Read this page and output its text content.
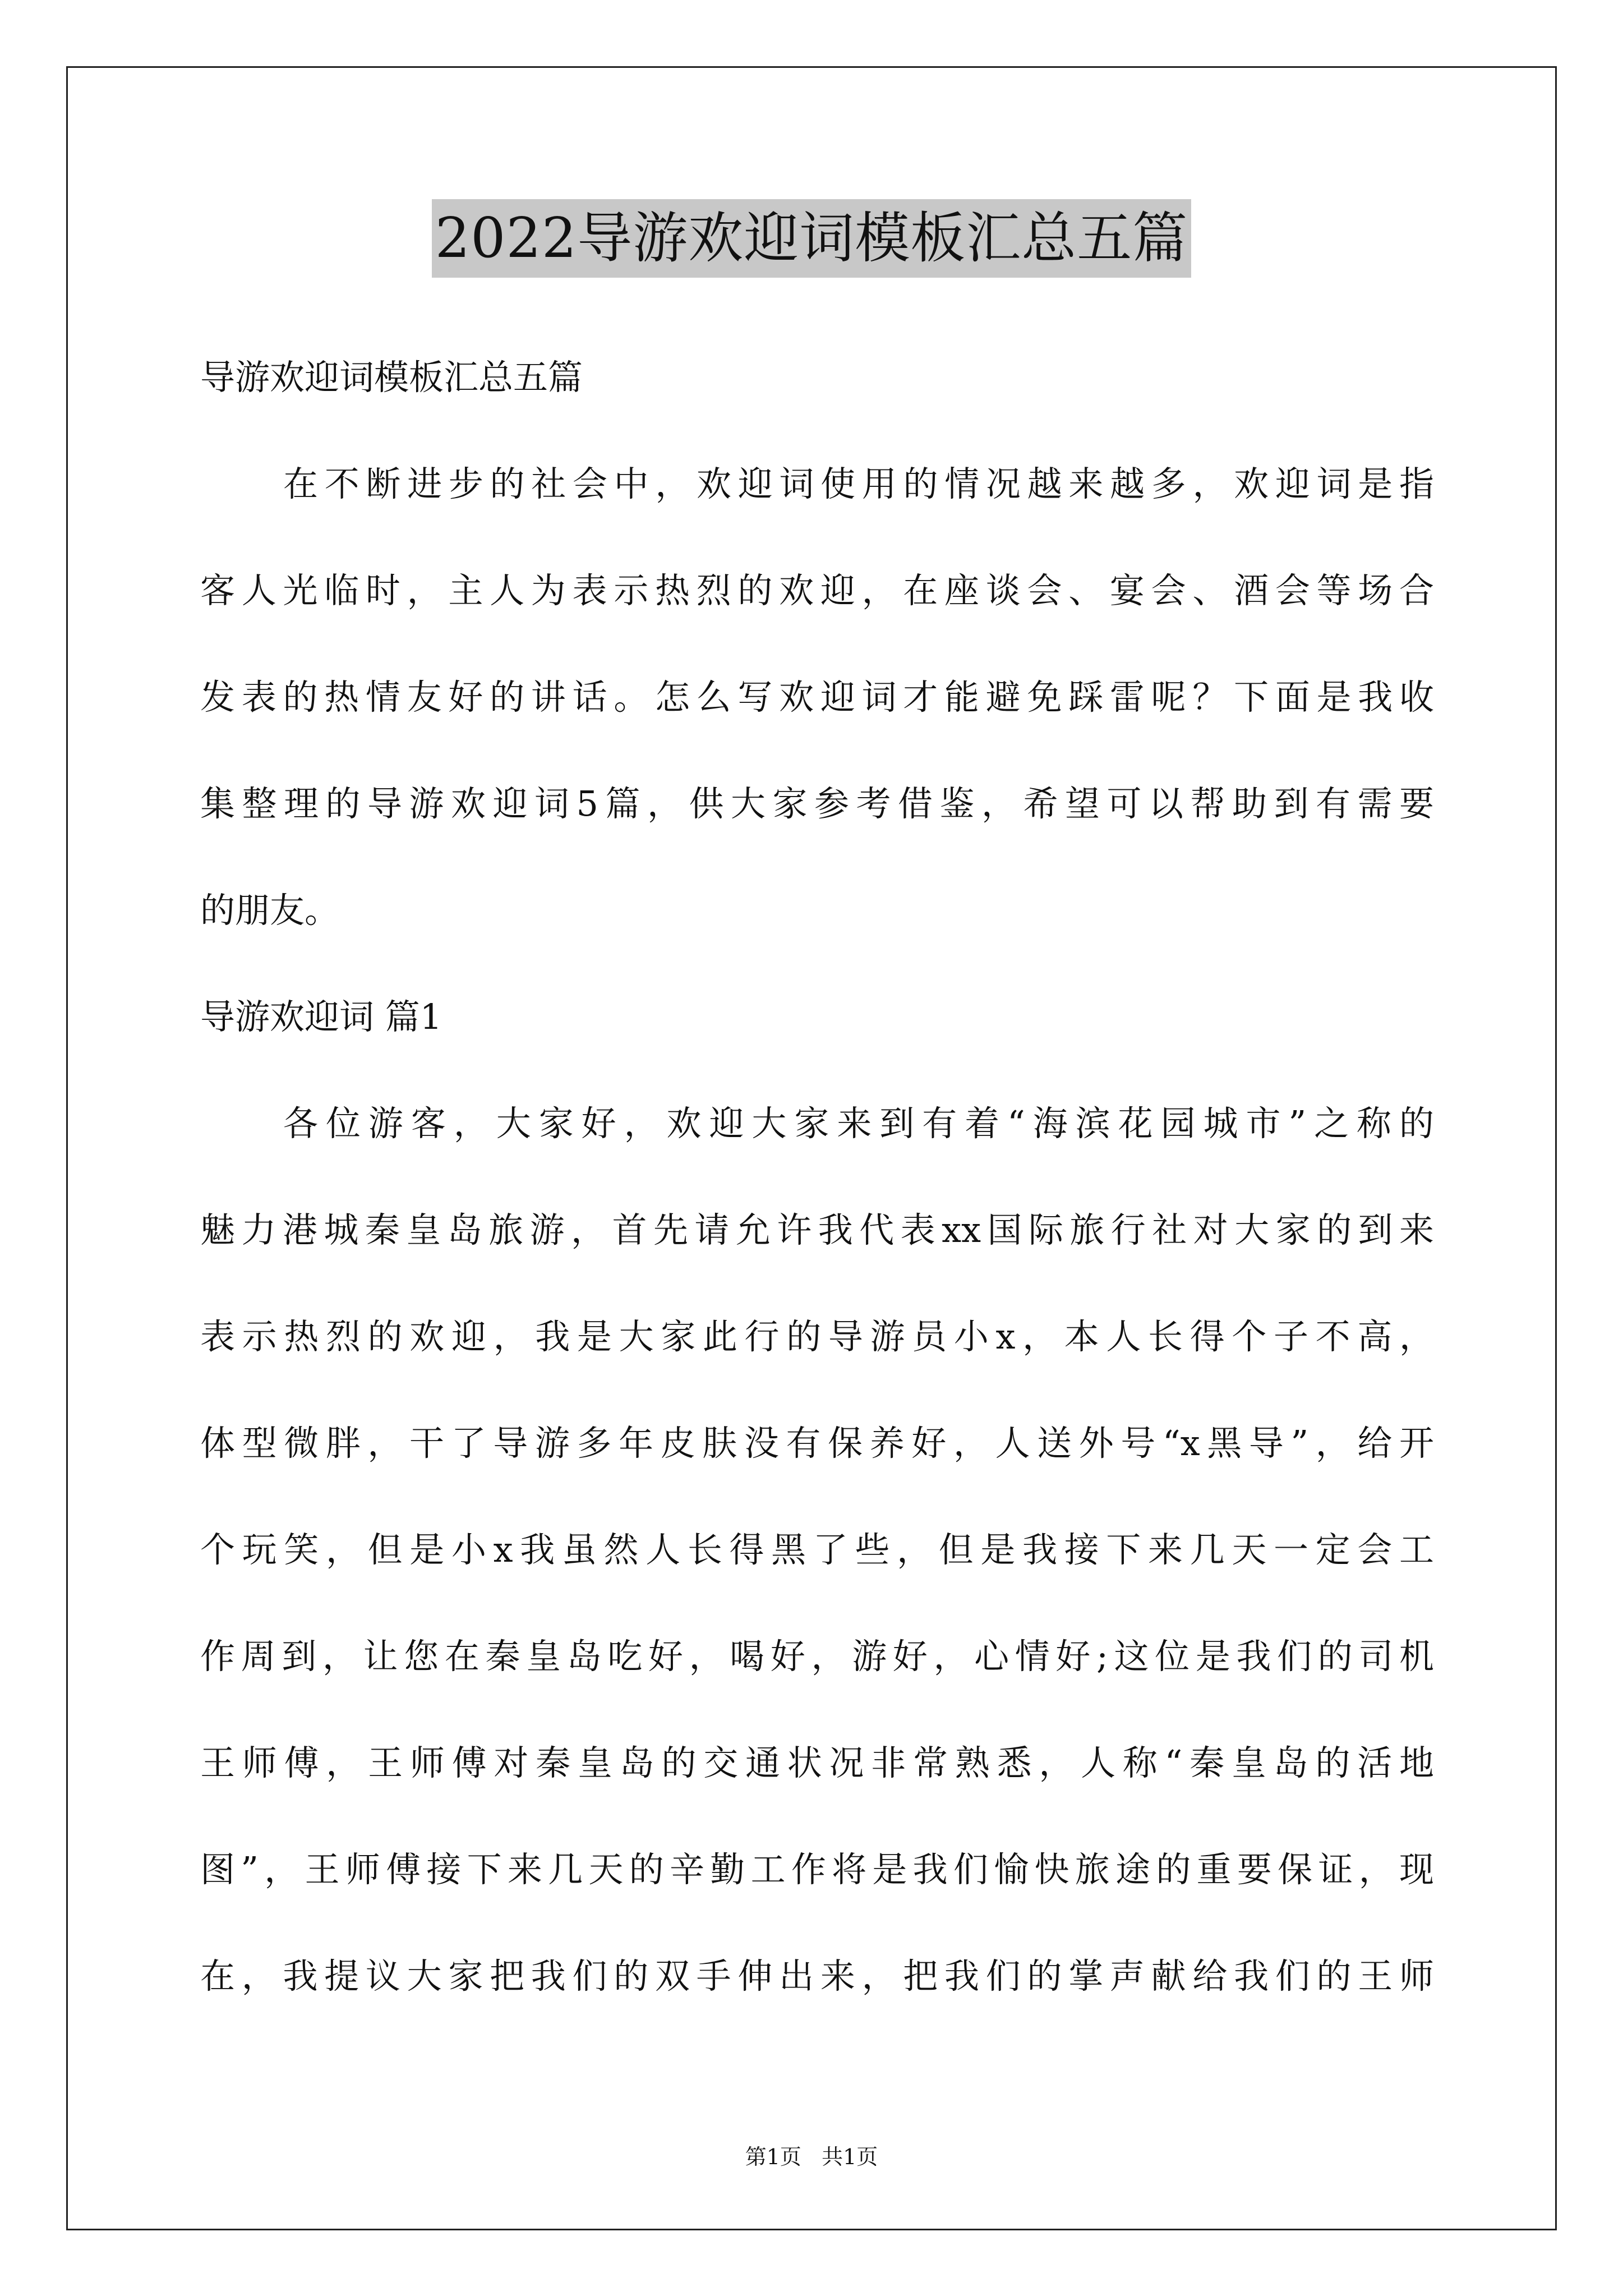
2022导游欢迎词模板汇总五篇
导游欢迎词模板汇总五篇
在不断进步的社会中，欢迎词使用的情况越来越多，欢迎词是指
客人光临时，主人为表示热烈的欢迎，在座谈会、宴会、酒会等场合
发表的热情友好的讲话。怎么写欢迎词才能避免踩雷呢？下面是我收
集整理的导游欢迎词5篇，供大家参考借鉴，希望可以帮助到有需要
的朋友。
导游欢迎词 篇1
各位游客，大家好，欢迎大家来到有着“海滨花园城市”之称的
魅力港城秦皇岛旅游，首先请允许我代表xx国际旅行社对大家的到来
表示热烈的欢迎，我是大家此行的导游员小x，本人长得个子不高，
体型微胖，干了导游多年皮肤没有保养好，人送外号“x黑导”，给开
个玩笑，但是小x我虽然人长得黑了些，但是我接下来几天一定会工
作周到，让您在秦皇岛吃好，喝好，游好，心情好;这位是我们的司机
王师傅，王师傅对秦皇岛的交通状况非常熟悉，人称“秦皇岛的活地
图”，王师傅接下来几天的辛勤工作将是我们愉快旅途的重要保证，现
在，我提议大家把我们的双手伸出来，把我们的掌声献给我们的王师
第1页   共1页
